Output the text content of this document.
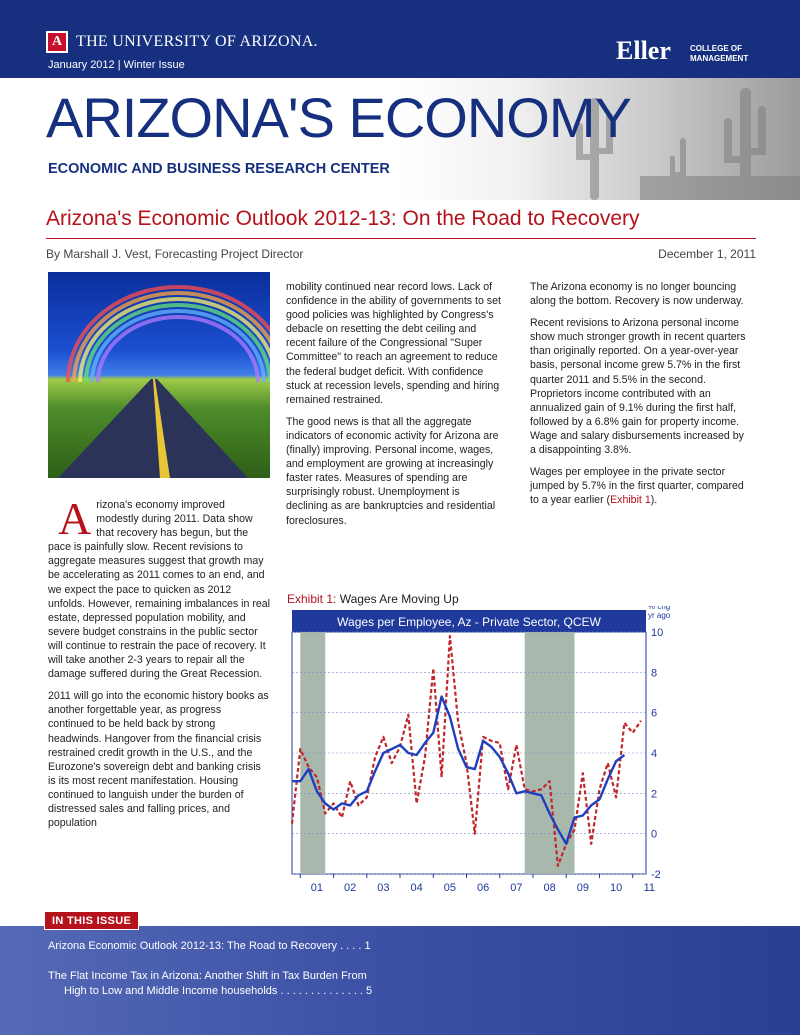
A THE UNIVERSITY OF ARIZONA.
January 2012 | Winter Issue	Eller COLLEGE OF MANAGEMENT
ARIZONA'S ECONOMY
ECONOMIC AND BUSINESS RESEARCH CENTER
Arizona's Economic Outlook 2012-13: On the Road to Recovery
By Marshall J. Vest, Forecasting Project Director	December 1, 2011

Arizona's economy improved modestly during 2011. Data show that recovery has begun, but the pace is painfully slow. Recent revisions to aggregate measures suggest that growth may be accelerating as 2011 comes to an end, and we expect the pace to quicken as 2012 unfolds. However, remaining imbalances in real estate, depressed population mobility, and severe budget constrains in the public sector will continue to restrain the pace of recovery. It will take another 2-3 years to repair all the damage suffered during the Great Recession.

2011 will go into the economic history books as another forgettable year, as progress continued to be held back by strong headwinds. Hangover from the financial crisis restrained credit growth in the U.S., and the Eurozone's sovereign debt and banking crisis is its most recent manifestation. Housing continued to languish under the burden of distressed sales and falling prices, and population

mobility continued near record lows. Lack of confidence in the ability of governments to set good policies was highlighted by Congress's debacle on resetting the debt ceiling and recent failure of the Congressional "Super Committee" to reach an agreement to reduce the federal budget deficit. With confidence stuck at recession levels, spending and hiring remained restrained.

The good news is that all the aggregate indicators of economic activity for Arizona are (finally) improving. Personal income, wages, and employment are growing at increasingly faster rates. Measures of spending are surprisingly robust. Unemployment is declining as are bankruptcies and residential foreclosures.

The Arizona economy is no longer bouncing along the bottom. Recovery is now underway.

Recent revisions to Arizona personal income show much stronger growth in recent quarters than originally reported. On a year-over-year basis, personal income grew 5.7% in the first quarter 2011 and 5.5% in the second. Proprietors income contributed with an annualized gain of 9.1% during the first half, followed by a 6.8% gain for property income. Wage and salary disbursements increased by a disappointing 3.8%.

Wages per employee in the private sector jumped by 5.7% in the first quarter, compared to a year earlier (Exhibit 1).

Exhibit 1: Wages Are Moving Up
Wages per Employee, Az - Private Sector, QCEW
-2
0
2
4
6
8
10
% chg
yr ago
01 02 03 04 05 06 07 08 09 10 11
IN THIS ISSUE
Arizona Economic Outlook 2012-13: The Road to Recovery . . . . 1
The Flat Income Tax in Arizona: Another Shift in Tax Burden From
High to Low and Middle Income households . . . . . . . . . . . . . . 5
